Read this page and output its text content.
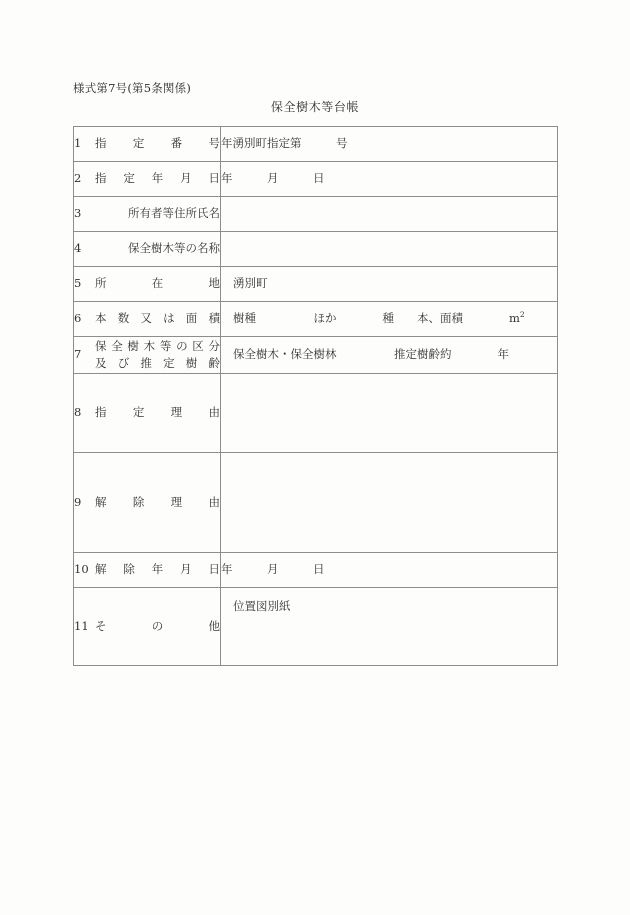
様式第7号(第5条関係)
保全樹木等台帳
1 指定番号	年湧別町指定第　　　号

2 指定年月日	年　　　月　　　日

3 所有者等住所氏名	

4 保全樹木等の名称	

5 所在地	湧別町

6 本数又は面積	樹種　　　　　ほか　　　　種　　本、面積　　　　$m^2$

7
保全樹木等の区分
及び推定樹齢	保全樹木・保全樹林　　　　　推定樹齢約　　　　年

8 指定理由	

9 解除理由	

10 解除年月日	年　　　月　　　日

11 その他	位置図別紙
